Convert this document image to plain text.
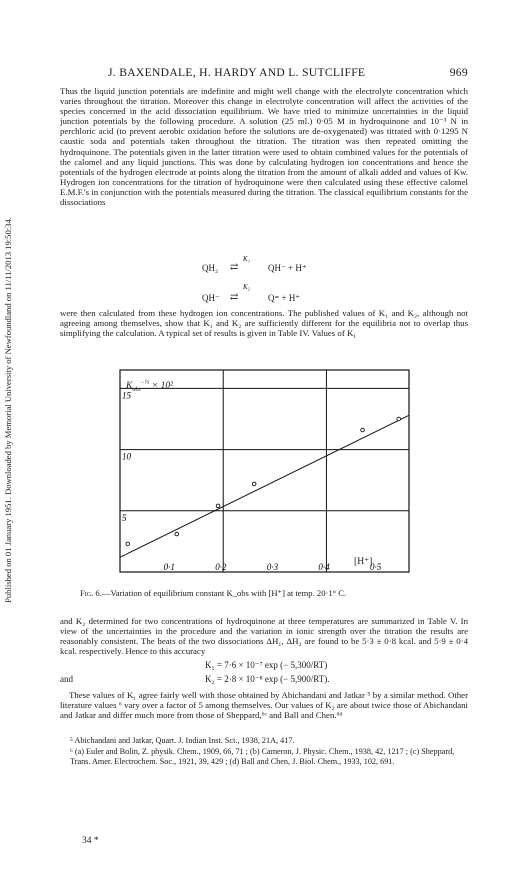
Published on 01 January 1951. Downloaded by Memorial University of Newfoundland on 11/11/2013 19:50:34.
J. BAXENDALE, H. HARDY AND L. SUTCLIFFE	969

Thus the liquid junction potentials are indefinite and might well change with the electrolyte concentration which varies throughout the titration. Moreover this change in electrolyte concentration will affect the activities of the species concerned in the acid dissociation equilibrium. We have tried to minimize uncertainties in the liquid junction potentials by the following procedure. A solution (25 ml.) 0·05 M in hydroquinone and 10⁻³ N in perchloric acid (to prevent aerobic oxidation before the solutions are de-oxygenated) was titrated with 0·1295 N caustic soda and potentials taken throughout the titration. The titration was then repeated omitting the hydroquinone. The potentials given in the latter titration were used to obtain combined values for the potentials of the calomel and any liquid junctions. This was done by calculating hydrogen ion concentrations and hence the potentials of the hydrogen electrode at points along the titration from the amount of alkali added and values of Kw. Hydrogen ion concentrations for the titration of hydroquinone were then calculated using these effective calomel E.M.F.'s in conjunction with the potentials measured during the titration. The classical equilibrium constants for the dissociations

QH₂
K₁
⇄	QH⁻ + H⁺
QH⁻
K₂
⇄	Q⁼ + H⁺

were then calculated from these hydrogen ion concentrations. The published values of K₁ and K₂, although not agreeing among themselves, show that K₁ and K₂ are sufficiently different for the equilibria not to overlap thus simplifying the calculation. A typical set of results is given in Table IV. Values of K₁

5
10
15
0·1	0·2	0·3	0·4	0·5
$K_{obs}^{-\frac{1}{2}} \times 10^2$
[H⁺]
Fig. 6.—Variation of equilibrium constant K_obs with [H⁺] at temp. 20·1° C.

and K₂ determined for two concentrations of hydroquinone at three temperatures are summarized in Table V. In view of the uncertainties in the procedure and the variation in ionic strength over the titration the results are reasonably consistent. The heats of the two dissociations ΔH₁, ΔH₂ are found to be 5·3 ± 0·8 kcal. and 5·9 ± 0·4 kcal. respectively. Hence to this accuracy

K₁ = 7·6 × 10⁻⁷ exp (− 5,300/RT)
and	K₂ = 2·8 × 10⁻⁸ exp (− 5,900/RT).

These values of K₁ agree fairly well with those obtained by Abichandani and Jatkar ⁵ by a similar method. Other literature values ⁶ vary over a factor of 5 among themselves. Our values of K₂ are about twice those of Abichandani and Jatkar and differ much more from those of Sheppard,⁶ᶜ and Ball and Chen.⁶ᵈ

⁵ Abichandani and Jatkar, Quart. J. Indian Inst. Sci., 1938, 21A, 417.

⁶ (a) Euler and Bolin, Z. physik. Chem., 1909, 66, 71 ; (b) Cameron, J. Physic. Chem., 1938, 42, 1217 ; (c) Sheppard, Trans. Amer. Electrochem. Soc., 1921, 39, 429 ; (d) Ball and Chen, J. Biol. Chem., 1933, 102, 691.

34 *
